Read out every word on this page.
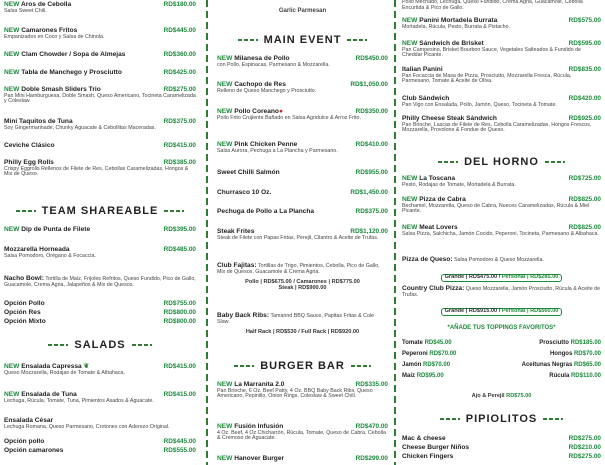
NEW Aros de Cebolla	RD$180.00
Salsa Sweet Chili.
NEW Camarones Fritos	RD$445.00
Empanizados en Coco y Salsa de Chinola.
NEW Clam Chowder / Sopa de Almejas	RD$360.00
NEW Tabla de Manchego y Prosciutto	RD$425.00
NEW Doble Smash Sliders Trio	RD$275.00
Pan Mini Hamburguesa, Doble Smash, Queso Americano, Tocineta Caramelizada y Coleslaw.
Mini Taquitos de Tuna	RD$375.00
Soy Gingermarinade, Chunky Aguacate & Cebollitas Maceradas.
Ceviche Clásico	RD$415.00
Philly Egg Rolls	RD$385.00
Crispy Eggrolls Rellenos de Filete de Res, Cebollas Caramelizadas, Hongos & Mix de Queso.
TEAM SHAREABLE
NEW Dip de Punta de Filete	RD$395.00
Mozzarella Horneada	RD$485.00
Salsa Pomodoro, Orégano & Focaccia.
Nacho Bowl: Tortilla de Maíz, Frijoles Refritos, Queso Fundido, Pico de Gallo, Guacamole, Crema Agria, Jalapeños & Mix de Quesos.
Opción Pollo	RD$755.00
Opción Res	RD$800.00
Opción Mixto	RD$800.00
SALADS
NEW Ensalada Capressa ❦	RD$415.00
Queso Mozzarella, Rodajas de Tomate & Albahaca.
NEW Ensalada de Tuna	RD$415.00
Lechuga, Rúcula, Tomate, Tuna, Pimientos Asados & Aguacate.
Ensalada César
Lechuga Romana, Queso Parmesano, Crotones con Aderezo Original.
Opción pollo	RD$445.00
Opción camarones	RD$555.00
Garlic Parmesan
MAIN EVENT
NEW Milanesa de Pollo	RD$450.00
con Pollo, Espinacas, Parmesano & Mozzarella.
NEW Cachopo de Res	RD$1,050.00
Relleno de Queso Manchego y Prosciutto.
NEW Pollo Coreano●	RD$350.00
Pollo Frito Crujiente Bañado en Salsa Agridulce & Arroz Frito.
NEW Pink Chicken Penne	RD$410.00
Salsa Aurora, Pechuga a La Plancha y Parmesano.
Sweet Chilli Salmón	RD$955.00
Churrasco 10 Oz.	RD$1,450.00
Pechuga de Pollo a La Plancha	RD$375.00
Steak Frites	RD$1,120.00
Steak de Filete con Papas Fritas, Perejil, Cilantro & Aceite de Trufas.
Club Fajitas: Tortillas de Trigo, Pimientos, Cebolla, Pico de Gallo, Mix de Quesos, Guacamole & Crema Agria.
Pollo | RD$675.00 / Camarones | RD$775.00
Steak | RD$900.00
Baby Back Ribs: Tamarind BBQ Sauce, Papitas Fritas & Cole Slaw.
Half Rack | RD$530 / Full Rack | RD$920.00
BURGER BAR
NEW La Marranita 2.0	RD$335.00
Pan Brioche, 6 Oz. Beef Patty, 4 Oz. BBQ Baby Back Ribs, Queso Americano, Pepinillo, Onion Rings, Coleslaw & Sweet Chili.
NEW Fusión Infusión	RD$470.00
4 Oz. Beef, 4 Oz Chicharrón, Rúcula, Tomate, Queso de Cabra, Cebolla & Cremoso de Aguacate.
NEW Hanover Burger	RD$299.00
Pollo Mechado, Lechuga, Queso Fundido, Crema Agria, Guacamole, Cebolla Encurtida & Pico de Gallo.
NEW Panini Mortadela Burrata	RD$575.00
Mortadela, Rúcula, Pesto, Burrata & Pistacho.
NEW Sándwich de Brisket	RD$595.00
Pan Campesino, Brisket Bourbon Sauce, Vegetales Salteados & Fundido de Cheddar Picante.
Italian Panini	RD$835.00
Pan Focaccia de Masa de Pizza, Prosciutto, Mozzarella Fresca, Rúcula, Parmesano, Tomate & Aceite de Oliva.
Club Sándwich	RD$420.00
Pan Vigo con Ensalada, Pollo, Jamón, Queso, Tocineta & Tomate.
Philly Cheese Steak Sándwich	RD$925.00
Pan Brioche, Lascas de Filete de Res, Cebolla Caramelizadas, Hongos Frescos, Mozzarella, Provolone & Fondue de Queso.
DEL HORNO
NEW La Toscana	RD$725.00
Pesto, Rodajas de Tomate, Mortadela & Burrata.
NEW Pizza de Cabra	RD$825.00
Bechamel, Mozzarella, Queso de Cabra, Nueces Caramelizadas, Rúcula & Miel Picante.
NEW Meat Lovers	RD$825.00
Salsa Pizza, Salchicha, Jamón Cocido, Peperoni, Tocineta, Parmesano & Albahaca.
Pizza de Queso: Salsa Pomodoro & Queso Mozzarella.
Grande | RD$475.00 / Personal | RD$285.00
Country Club Pizza: Queso Mozzarella, Jamón Prosciutto, Rúcula & Aceite de Trufas.
Grande | RD$915.00 / Personal | RD$560.00
*AÑADE TUS TOPPINGS FAVORITOS*
Tomate RD$45.00	Prosciutto RD$185.00
Peperoni RD$70.00	Hongos RD$70.00
Jamón RD$70.00	Aceitunas Negras RD$65.00
Maíz RD$95.00	Rúcula RD$110.00
Ajo & Perejil RD$75.00
PIPIOLITOS
Mac & cheese	RD$275.00
Cheese Burger Niños	RD$210.00
Chicken Fingers	RD$275.00
